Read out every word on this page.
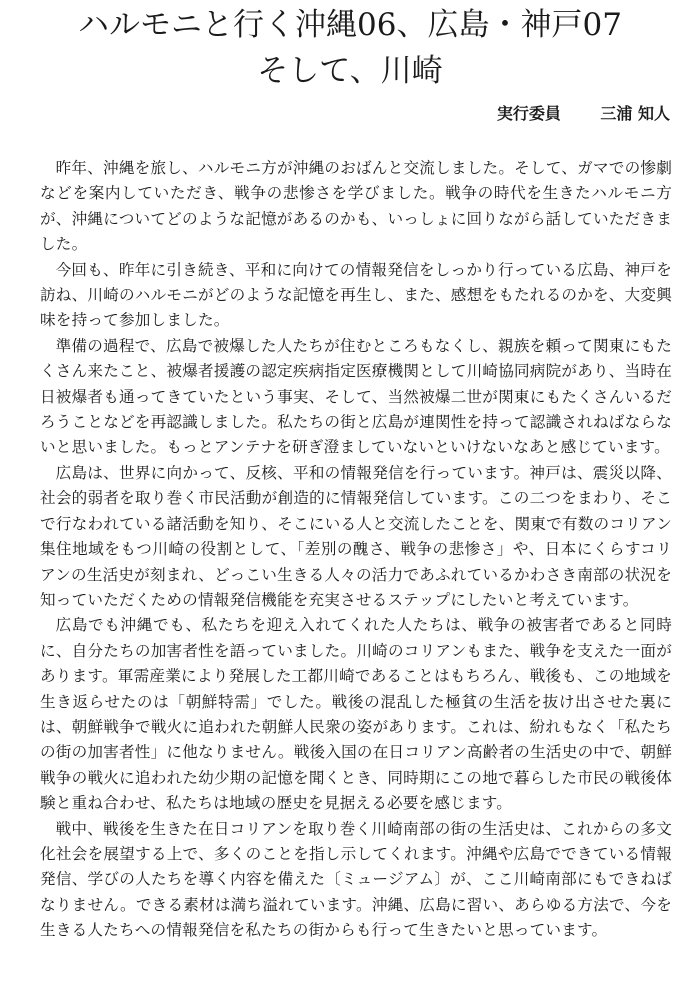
ハルモニと行く沖縄06、広島・神戸07
そして、川崎
実行委員 三浦 知人

昨年、沖縄を旅し、ハルモニ方が沖縄のおばんと交流しました。そして、ガマでの惨劇などを案内していただき、戦争の悲惨さを学びました。戦争の時代を生きたハルモニ方が、沖縄についてどのような記憶があるのかも、いっしょに回りながら話していただきました。

今回も、昨年に引き続き、平和に向けての情報発信をしっかり行っている広島、神戸を訪ね、川崎のハルモニがどのような記憶を再生し、また、感想をもたれるのかを、大変興味を持って参加しました。

準備の過程で、広島で被爆した人たちが住むところもなくし、親族を頼って関東にもたくさん来たこと、被爆者援護の認定疾病指定医療機関として川崎協同病院があり、当時在日被爆者も通ってきていたという事実、そして、当然被爆二世が関東にもたくさんいるだろうことなどを再認識しました。私たちの街と広島が連関性を持って認識されねばならないと思いました。もっとアンテナを研ぎ澄ましていないといけないなあと感じています。

広島は、世界に向かって、反核、平和の情報発信を行っています。神戸は、震災以降、社会的弱者を取り巻く市民活動が創造的に情報発信しています。この二つをまわり、そこで行なわれている諸活動を知り、そこにいる人と交流したことを、関東で有数のコリアン集住地域をもつ川崎の役割として、「差別の醜さ、戦争の悲惨さ」や、日本にくらすコリアンの生活史が刻まれ、どっこい生きる人々の活力であふれているかわさき南部の状況を知っていただくための情報発信機能を充実させるステップにしたいと考えています。

広島でも沖縄でも、私たちを迎え入れてくれた人たちは、戦争の被害者であると同時に、自分たちの加害者性を語っていました。川崎のコリアンもまた、戦争を支えた一面があります。軍需産業により発展した工都川崎であることはもちろん、戦後も、この地域を生き返らせたのは「朝鮮特需」でした。戦後の混乱した極貧の生活を抜け出させた裏には、朝鮮戦争で戦火に追われた朝鮮人民衆の姿があります。これは、紛れもなく「私たちの街の加害者性」に他なりません。戦後入国の在日コリアン高齢者の生活史の中で、朝鮮戦争の戦火に追われた幼少期の記憶を聞くとき、同時期にこの地で暮らした市民の戦後体験と重ね合わせ、私たちは地域の歴史を見据える必要を感じます。

戦中、戦後を生きた在日コリアンを取り巻く川崎南部の街の生活史は、これからの多文化社会を展望する上で、多くのことを指し示してくれます。沖縄や広島でできている情報発信、学びの人たちを導く内容を備えた〔ミュージアム〕が、ここ川崎南部にもできねばなりません。できる素材は満ち溢れています。沖縄、広島に習い、あらゆる方法で、今を生きる人たちへの情報発信を私たちの街からも行って生きたいと思っています。
